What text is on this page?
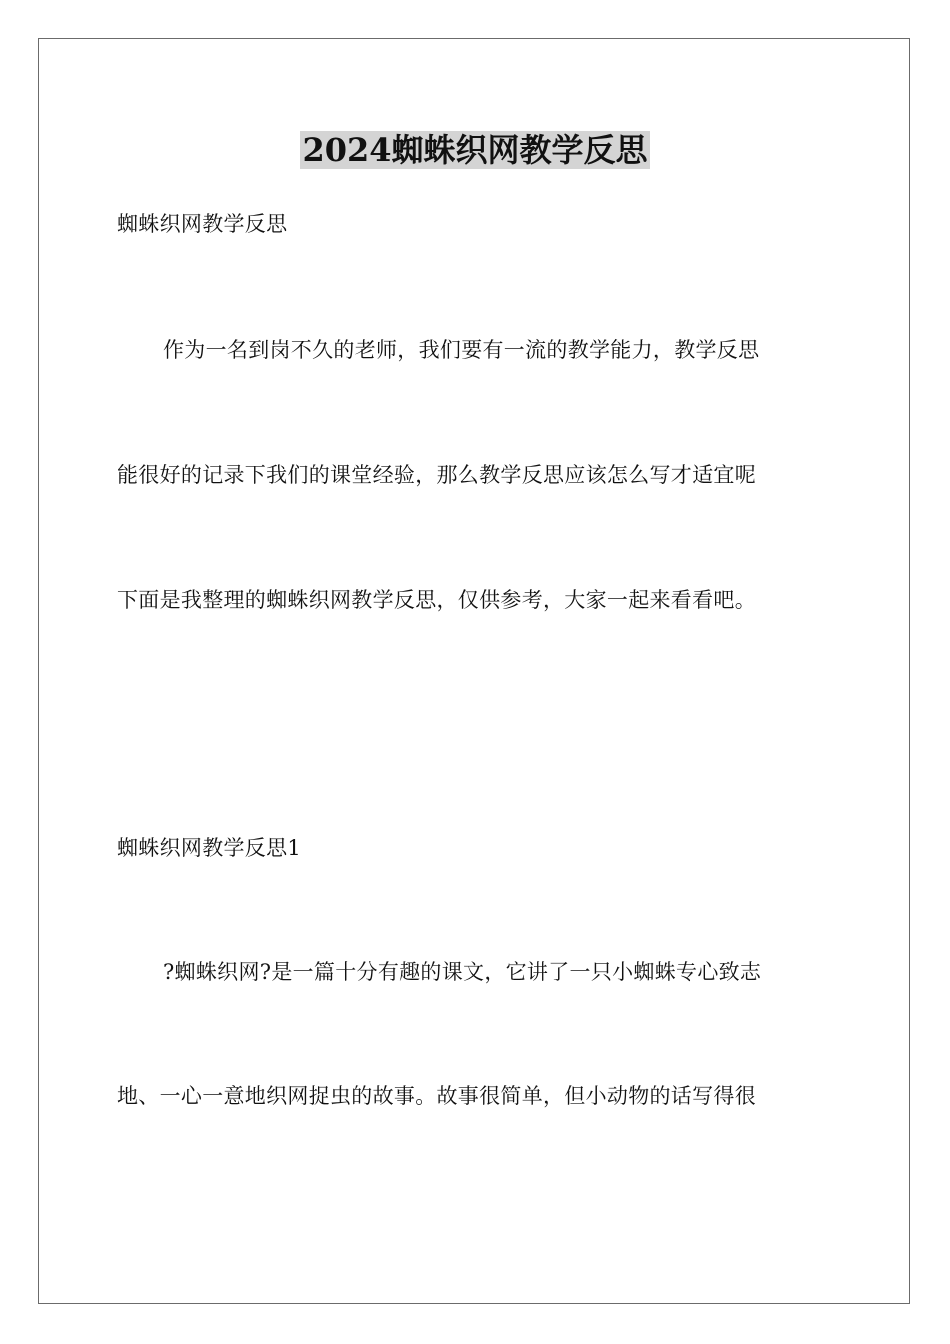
2024蜘蛛织网教学反思
蜘蛛织网教学反思
作为一名到岗不久的老师，我们要有一流的教学能力，教学反思
能很好的记录下我们的课堂经验，那么教学反思应该怎么写才适宜呢
下面是我整理的蜘蛛织网教学反思，仅供参考，大家一起来看看吧。
蜘蛛织网教学反思1
?蜘蛛织网?是一篇十分有趣的课文，它讲了一只小蜘蛛专心致志
地、一心一意地织网捉虫的故事。故事很简单，但小动物的话写得很
